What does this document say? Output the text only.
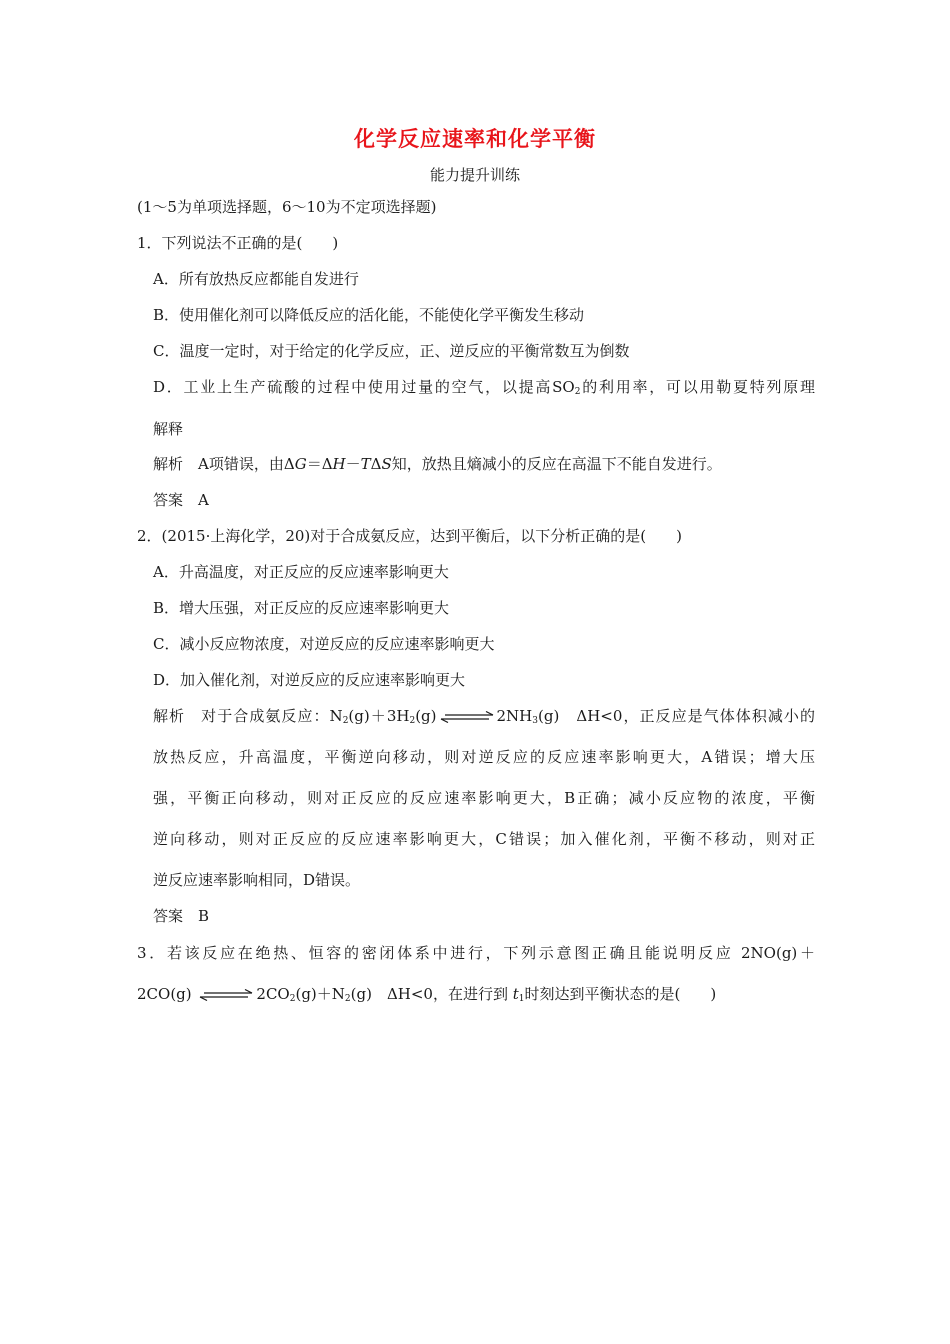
化学反应速率和化学平衡
能力提升训练
(1～5为单项选择题，6～10为不定项选择题)
1．下列说法不正确的是(　　)
A．所有放热反应都能自发进行
B．使用催化剂可以降低反应的活化能，不能使化学平衡发生移动
C．温度一定时，对于给定的化学反应，正、逆反应的平衡常数互为倒数
D．工业上生产硫酸的过程中使用过量的空气，以提高$SO_2$的利用率，可以用勒夏特列原理
解释
解析　 A项错误，由ΔG＝ΔH－TΔS知，放热且熵减小的反应在高温下不能自发进行。
答案　 A
2．(2015·上海化学，20)对于合成氨反应，达到平衡后，以下分析正确的是(　　)
A．升高温度，对正反应的反应速率影响更大
B．增大压强，对正反应的反应速率影响更大
C．减小反应物浓度，对逆反应的反应速率影响更大
D．加入催化剂，对逆反应的反应速率影响更大
解析　 对于合成氨反应：$N_2(g)+3H_2(g)$ ⇌ $2NH_3(g)$　ΔH<0，正反应是气体体积减小的
放热反应，升高温度，平衡逆向移动，则对逆反应的反应速率影响更大，A错误；增大压
强，平衡正向移动，则对正反应的反应速率影响更大，B正确；减小反应物的浓度，平衡
逆向移动，则对正反应的反应速率影响更大，C错误；加入催化剂，平衡不移动，则对正
逆反应速率影响相同，D错误。
答案　 B
3．若该反应在绝热、恒容的密闭体系中进行，下列示意图正确且能说明反应 2NO(g)＋
2CO(g) ⇌ $2CO_2(g)+N_2(g)$　ΔH<0，在进行到 $t_1$时刻达到平衡状态的是(　　)
